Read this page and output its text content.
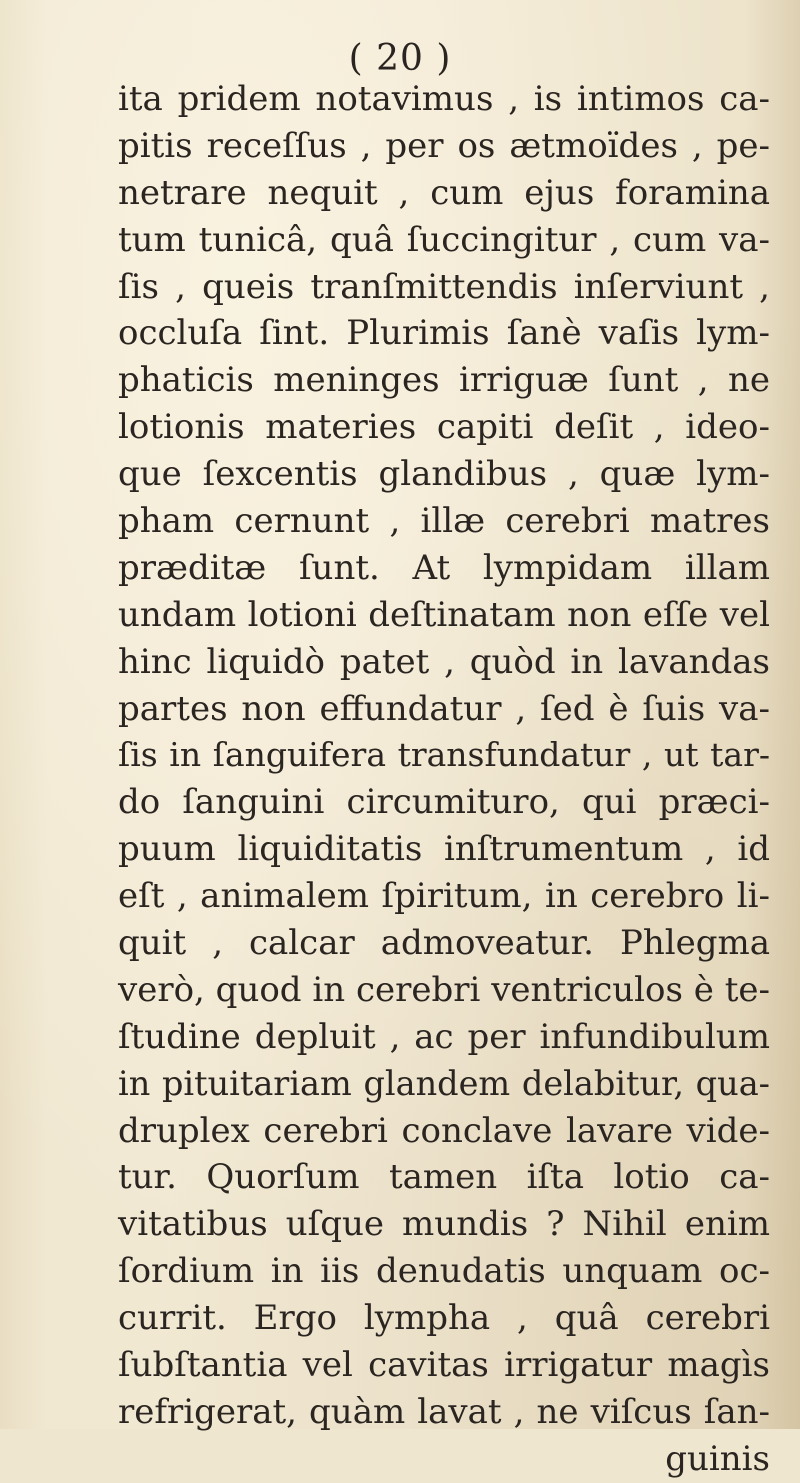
( 20 )
ita pridem notavimus , is intimos ca-
pitis receſſus , per os ætmoïdes , pe-
netrare nequit , cum ejus foramina
tum tunicâ, quâ ſuccingitur , cum va-
ſis , queis tranſmittendis inſerviunt ,
occluſa ſint. Plurimis ſanè vaſis lym-
phaticis meninges irriguæ ſunt , ne
lotionis materies capiti deſit , ideo-
que ſexcentis glandibus , quæ lym-
pham cernunt , illæ cerebri matres
præditæ ſunt. At lympidam illam
undam lotioni deſtinatam non eſſe vel
hinc liquidò patet , quòd in lavandas
partes non effundatur , ſed è ſuis va-
ſis in ſanguifera transfundatur , ut tar-
do ſanguini circumituro, qui præci-
puum liquiditatis inſtrumentum , id
eſt , animalem ſpiritum, in cerebro li-
quit , calcar admoveatur. Phlegma
verò, quod in cerebri ventriculos è te-
ſtudine depluit , ac per infundibulum
in pituitariam glandem delabitur, qua-
druplex cerebri conclave lavare vide-
tur. Quorſum tamen iſta lotio ca-
vitatibus uſque mundis ? Nihil enim
ſordium in iis denudatis unquam oc-
currit. Ergo lympha , quâ cerebri
ſubſtantia vel cavitas irrigatur magìs
refrigerat, quàm lavat , ne viſcus ſan-
guinis
